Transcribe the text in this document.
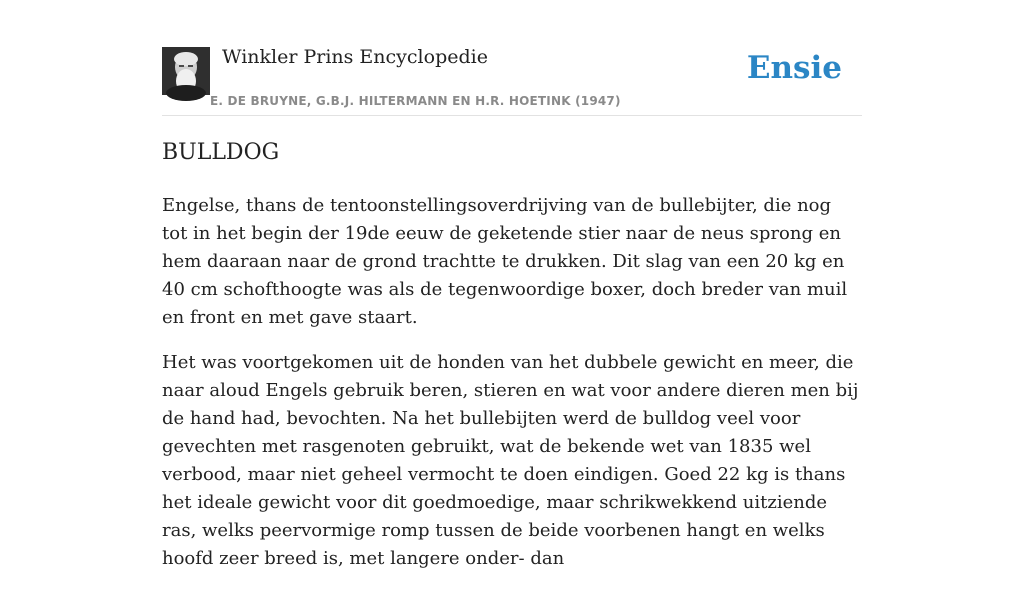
Winkler Prins Encyclopedie
E. DE BRUYNE, G.B.J. HILTERMANN EN H.R. HOETINK (1947)
Ensie
BULLDOG

Engelse, thans de tentoonstellingsoverdrijving van de bullebijter, die nog tot in het begin der 19de eeuw de geketende stier naar de neus sprong en hem daaraan naar de grond trachtte te drukken. Dit slag van een 20 kg en 40 cm schofthoogte was als de tegenwoordige boxer, doch breder van muil en front en met gave staart.

Het was voortgekomen uit de honden van het dubbele gewicht en meer, die naar aloud Engels gebruik beren, stieren en wat voor andere dieren men bij de hand had, bevochten. Na het bullebijten werd de bulldog veel voor gevechten met rasgenoten gebruikt, wat de bekende wet van 1835 wel verbood, maar niet geheel vermocht te doen eindigen. Goed 22 kg is thans het ideale gewicht voor dit goedmoedige, maar schrikwekkend uitziende ras, welks peervormige romp tussen de beide voorbenen hangt en welks hoofd zeer breed is, met langere onder- dan
